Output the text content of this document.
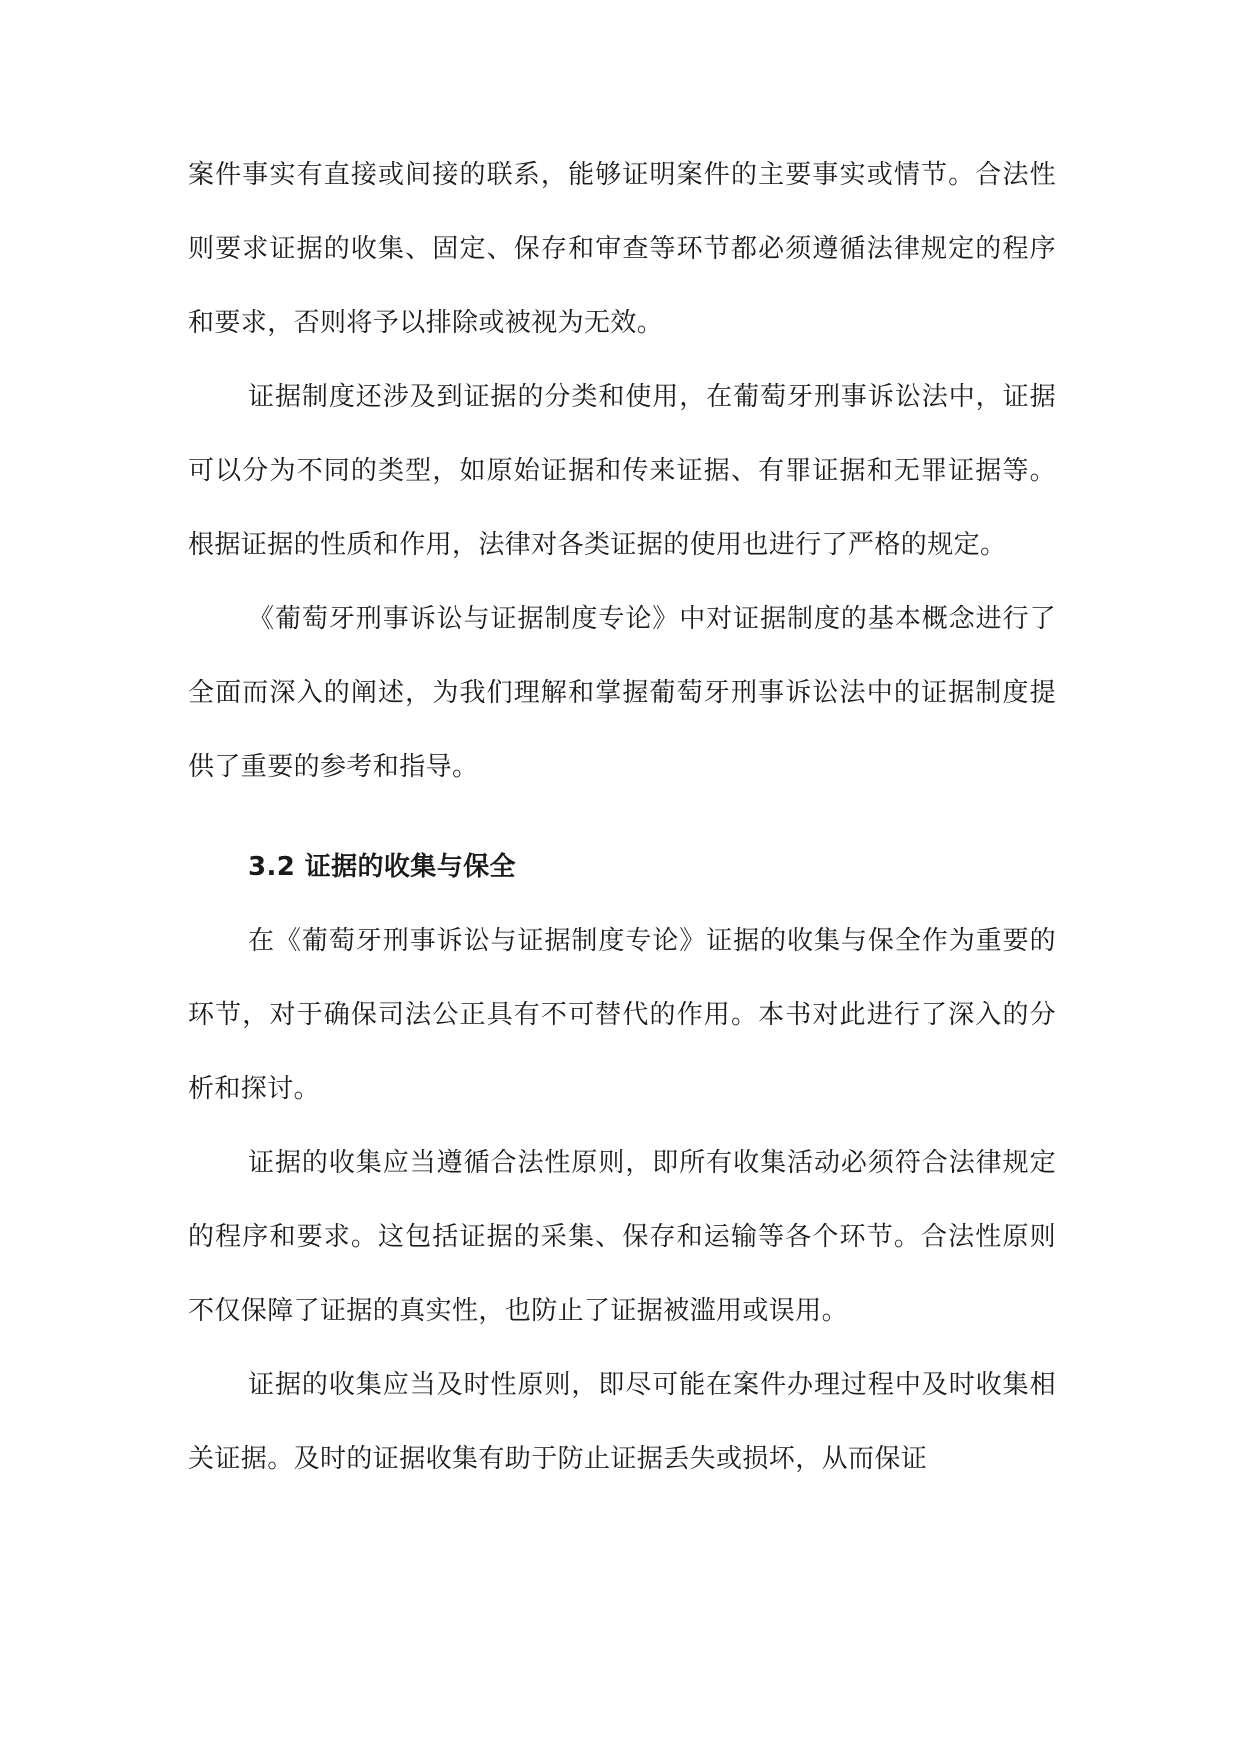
案件事实有直接或间接的联系，能够证明案件的主要事实或情节。合法性则要求证据的收集、固定、保存和审查等环节都必须遵循法律规定的程序和要求，否则将予以排除或被视为无效。

证据制度还涉及到证据的分类和使用，在葡萄牙刑事诉讼法中，证据可以分为不同的类型，如原始证据和传来证据、有罪证据和无罪证据等。根据证据的性质和作用，法律对各类证据的使用也进行了严格的规定。

《葡萄牙刑事诉讼与证据制度专论》中对证据制度的基本概念进行了全面而深入的阐述，为我们理解和掌握葡萄牙刑事诉讼法中的证据制度提供了重要的参考和指导。

3.2 证据的收集与保全

在《葡萄牙刑事诉讼与证据制度专论》证据的收集与保全作为重要的环节，对于确保司法公正具有不可替代的作用。本书对此进行了深入的分析和探讨。

证据的收集应当遵循合法性原则，即所有收集活动必须符合法律规定的程序和要求。这包括证据的采集、保存和运输等各个环节。合法性原则不仅保障了证据的真实性，也防止了证据被滥用或误用。

证据的收集应当及时性原则，即尽可能在案件办理过程中及时收集相关证据。及时的证据收集有助于防止证据丢失或损坏，从而保证
